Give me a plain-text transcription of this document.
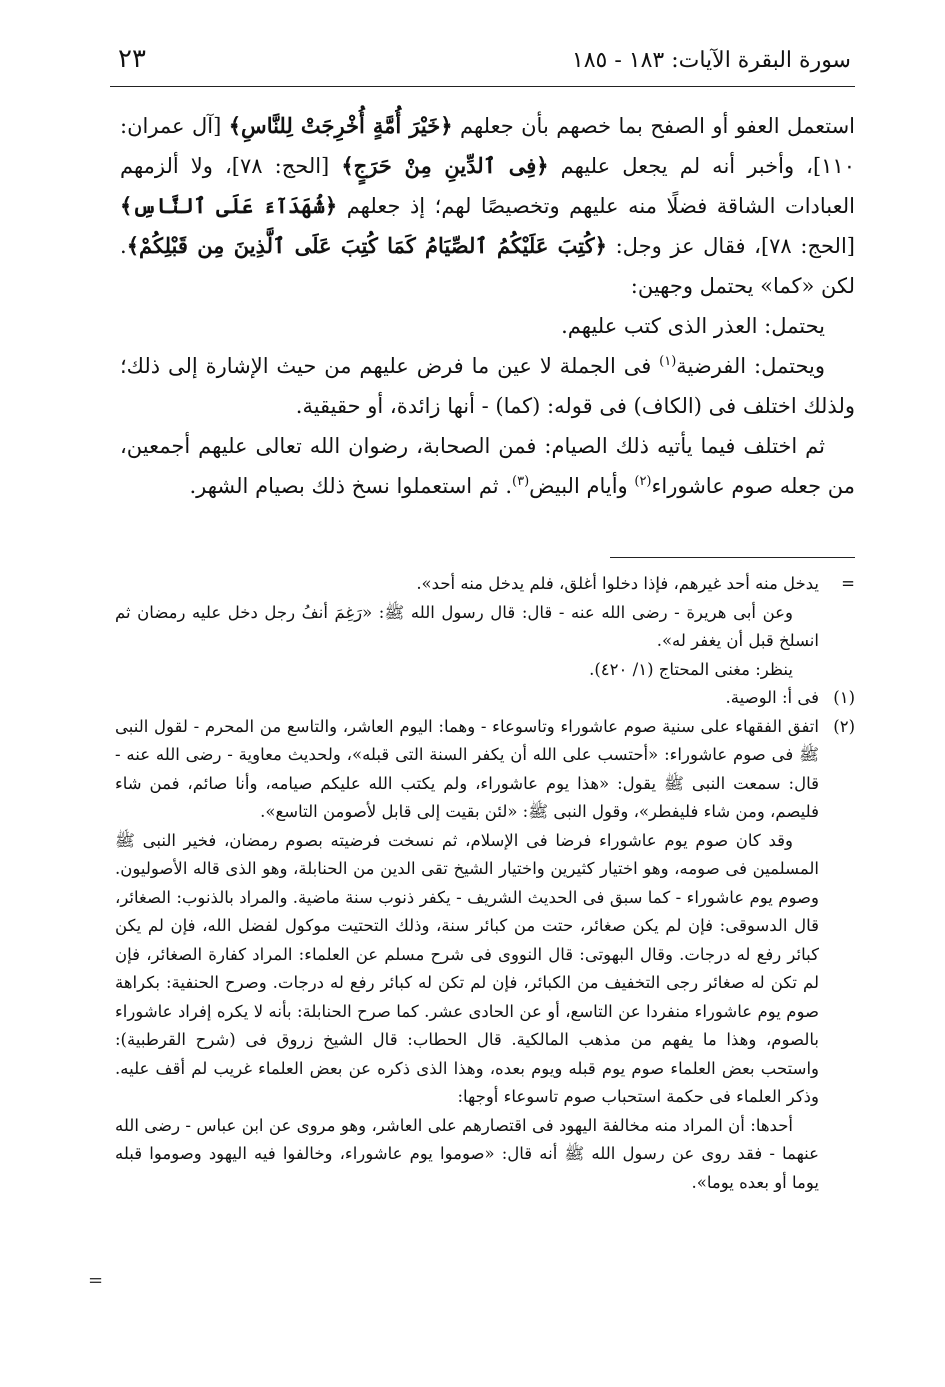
٢٣	سورة البقرة الآيات: ١٨٣ - ١٨٥

استعمل العفو أو الصفح بما خصهم بأن جعلهم ﴿خَيْرَ أُمَّةٍ أُخْرِجَتْ لِلنَّاسِ﴾ [آل عمران: ١١٠]، وأخبر أنه لم يجعل عليهم ﴿فِى ٱلدِّينِ مِنْ حَرَجٍ﴾ [الحج: ٧٨]، ولا ألزمهم العبادات الشاقة فضلًا منه عليهم وتخصيصًا لهم؛ إذ جعلهم ﴿شُهَدَآءَ عَلَى ٱلنَّاسِ﴾ [الحج: ٧٨]، فقال عز وجل: ﴿كُتِبَ عَلَيْكُمُ ٱلصِّيَامُ كَمَا كُتِبَ عَلَى ٱلَّذِينَ مِن قَبْلِكُمْ﴾. لكن «كما» يحتمل وجهين:

يحتمل: العذر الذى كتب عليهم.

ويحتمل: الفرضية$^{(١)}$ فى الجملة لا عين ما فرض عليهم من حيث الإشارة إلى ذلك؛ ولذلك اختلف فى (الكاف) فى قوله: (كما) - أنها زائدة، أو حقيقية.

ثم اختلف فيما يأتيه ذلك الصيام: فمن الصحابة، رضوان الله تعالى عليهم أجمعين، من جعله صوم عاشوراء$^{(٢)}$ وأيام البيض$^{(٣)}$. ثم استعملوا نسخ ذلك بصيام الشهر.

=
يدخل منه أحد غيرهم، فإذا دخلوا أغلق، فلم يدخل منه أحد».
وعن أبى هريرة - رضى الله عنه - قال: قال رسول الله ﷺ: «رَغِمَ أنفُ رجل دخل عليه رمضان ثم انسلخ قبل أن يغفر له».
ينظر: مغنى المحتاج (١/ ٤٢٠).
(١)
فى أ: الوصية.
(٢)
اتفق الفقهاء على سنية صوم عاشوراء وتاسوعاء - وهما: اليوم العاشر، والتاسع من المحرم - لقول النبى ﷺ فى صوم عاشوراء: «أحتسب على الله أن يكفر السنة التى قبله»، ولحديث معاوية - رضى الله عنه - قال: سمعت النبى ﷺ يقول: «هذا يوم عاشوراء، ولم يكتب الله عليكم صيامه، وأنا صائم، فمن شاء فليصم، ومن شاء فليفطر»، وقول النبى ﷺ: «لئن بقيت إلى قابل لأصومن التاسع».
وقد كان صوم يوم عاشوراء فرضا فى الإسلام، ثم نسخت فرضيته بصوم رمضان، فخير النبى ﷺ المسلمين فى صومه، وهو اختيار كثيرين واختيار الشيخ تقى الدين من الحنابلة، وهو الذى قاله الأصوليون. وصوم يوم عاشوراء - كما سبق فى الحديث الشريف - يكفر ذنوب سنة ماضية. والمراد بالذنوب: الصغائر، قال الدسوقى: فإن لم يكن صغائر، حتت من كبائر سنة، وذلك التحتيت موكول لفضل الله، فإن لم يكن كبائر رفع له درجات. وقال البهوتى: قال النووى فى شرح مسلم عن العلماء: المراد كفارة الصغائر، فإن لم تكن له صغائر رجى التخفيف من الكبائر، فإن لم تكن له كبائر رفع له درجات. وصرح الحنفية: بكراهة صوم يوم عاشوراء منفردا عن التاسع، أو عن الحادى عشر. كما صرح الحنابلة: بأنه لا يكره إفراد عاشوراء بالصوم، وهذا ما يفهم من مذهب المالكية. قال الحطاب: قال الشيخ زروق فى (شرح القرطبية): واستحب بعض العلماء صوم يوم قبله ويوم بعده، وهذا الذى ذكره عن بعض العلماء غريب لم أقف عليه. وذكر العلماء فى حكمة استحباب صوم تاسوعاء أوجها:
أحدها: أن المراد منه مخالفة اليهود فى اقتصارهم على العاشر، وهو مروى عن ابن عباس - رضى الله عنهما - فقد روى عن رسول الله ﷺ أنه قال: «صوموا يوم عاشوراء، وخالفوا فيه اليهود وصوموا قبله يوما أو بعده يوما».
=
